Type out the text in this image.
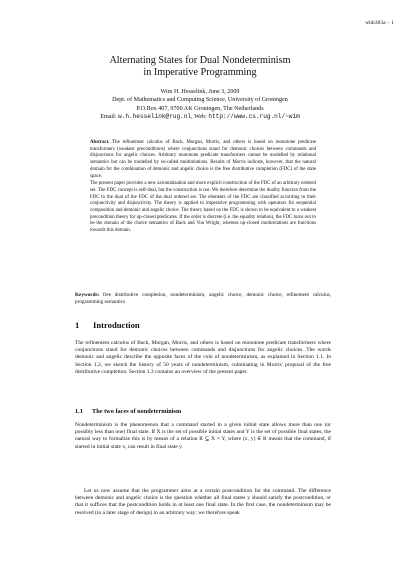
whh383a – 1
Alternating States for Dual Nondeterminism
in Imperative Programming
Wim H. Hesselink, June 3, 2009
Dept. of Mathematics and Computing Science, University of Groningen
P.O.Box 407, 9700 AK Groningen, The Netherlands
Email: w.h.hesselink@rug.nl, Web: http://www.cs.rug.nl/~wim

Abstract. The refinement calculus of Back, Morgan, Morris, and others is based on monotone predicate transformers (weakest preconditions) where conjunctions stand for demonic choices between commands and disjunctions for angelic choices. Arbitrary monotone predicate transformers cannot be modelled by relational semantics but can be modelled by so-called multirelations. Results of Morris indicate, however, that the natural domain for the combination of demonic and angelic choice is the free distributive completion (FDC) of the state space.

The present paper provides a new axiomatization and more explicit construction of the FDC of an arbitrary ordered set. The FDC concept is self-dual, but the construction is not. We therefore determine the duality function from the FDC to the dual of the FDC of the dual ordered set. The elements of the FDC are classified according to their conjunctivity and disjunctivity. The theory is applied to imperative programming with operators for sequential composition and demonic and angelic choice. The theory based on the FDC is shown to be equivalent to a weakest precondition theory for up-closed predicates. If the order is discrete (i.e. the equality relation), the FDC turns out to be the domain of the choice semantics of Back and Von Wright, whereas up-closed multirelations are functions towards this domain.

Keywords: free distributive completion, nondeterminism, angelic choice, demonic choice, refinement calculus, programming semantics
1 Introduction

The refinement calculus of Back, Morgan, Morris, and others is based on monotone predicate transformers where conjunctions stand for demonic choices between commands and disjunctions for angelic choices. The words demonic and angelic describe the opposite faces of the coin of nondeterminism, as explained in Section 1.1. In Section 1.2, we sketch the history of 50 years of nondeterminism, culminating in Morris' proposal of the free distributive completion. Section 1.3 contains an overview of the present paper.

1.1 The two faces of nondeterminism

Nondeterminism is the phenomenon that a command started in a given initial state allows more than one (or possibly less than one) final state. If X is the set of possible initial states and Y is the set of possible final states, the natural way to formalize this is by means of a relation R ⊆ X × Y, where (x, y) ∈ R means that the command, if started in initial state x, can result in final state y.

Let us now assume that the programmer aims at a certain postcondition for the command. The difference between demonic and angelic choice is the question whether all final states y should satisfy the postcondition, or that it suffices that the postcondition holds in at least one final state. In the first case, the nondeterminism may be resolved (in a later stage of design) in an arbitrary way; we therefore speak
